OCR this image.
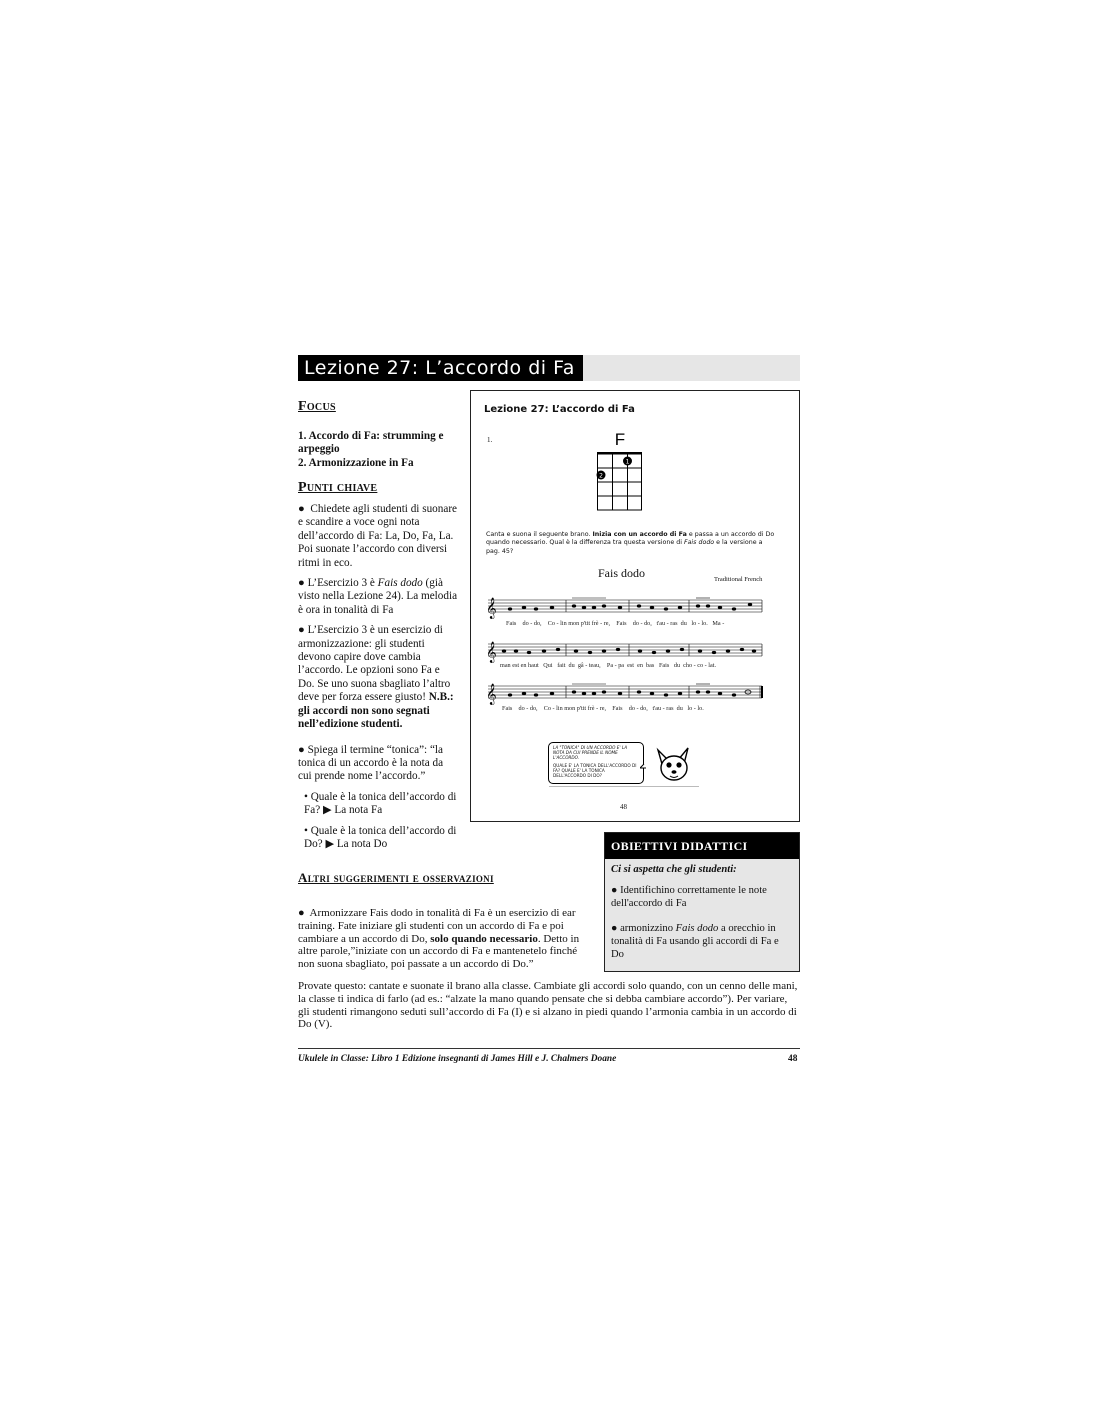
Lezione 27: L’accordo di Fa
Focus
1. Accordo di Fa: strumming e arpeggio
2. Armonizzazione in Fa
Punti chiave

●  Chiedete agli studenti di suonare e scandire a voce ogni nota dell’accordo di Fa: La, Do, Fa, La. Poi suonate l’accordo con diversi ritmi in eco.

● L’Esercizio 3 è Fais dodo (già visto nella Lezione 24). La melodia è ora in tonalità di Fa

● L’Esercizio 3 è un esercizio di armonizzazione: gli studenti devono capire dove cambia l’accordo. Le opzioni sono Fa e Do. Se uno suona sbagliato l’altro deve per forza essere giusto! N.B.: gli accordi non sono segnati nell’edizione studenti.

● Spiega il termine “tonica”: “la tonica di un accordo è la nota da cui prende nome l’accordo.”

• Quale è la tonica dell’accordo di Fa? ▶ La nota Fa

• Quale è la tonica dell’accordo di Do? ▶ La nota Do

Lezione 27: L’accordo di Fa
1.	F
1
2
Canta e suona il seguente brano. Inizia con un accordo di Fa e passa a un accordo di Do quando necessario. Qual è la differenza tra questa versione di Fais dodo e la versione a pag. 45?
Fais dodo	Traditional French
𝄞
𝄞
𝄞
Fais    do - do,    Co - lin mon p'tit frè - re,    Fais    do - do,   t'au - ras  du   lo - lo.   Ma -
man est en haut   Qui   fait  du  gâ - teau,    Pa - pa  est  en  bas   Fais   du  cho - co - lat.
Fais    do - do,    Co - lin mon p'tit frè - re,    Fais    do - do,   t'au - ras  du   lo - lo.
LA "TONICA" DI UN ACCORDO E' LA NOTA DA CUI PRENDE IL NOME L'ACCORDO.
QUALE E' LA TONICA DELL'ACCORDO DI FA? QUALE E' LA TONICA DELL'ACCORDO DI DO?
48
OBIETTIVI DIDATTICI

Ci si aspetta che gli studenti:

● Identifichino correttamente le note dell'accordo di Fa

● armonizzino Fais dodo a orecchio in tonalità di Fa usando gli accordi di Fa e Do

Altri suggerimenti e osservazioni
●  Armonizzare Fais dodo in tonalità di Fa è un esercizio di ear training. Fate iniziare gli studenti con un accordo di Fa e poi cambiare a un accordo di Do, solo quando necessario. Detto in altre parole,”iniziate con un accordo di Fa e mantenetelo finché non suona sbagliato, poi passate a un accordo di Do.”
Provate questo: cantate e suonate il brano alla classe. Cambiate gli accordi solo quando, con un cenno delle mani, la classe ti indica di farlo (ad es.: “alzate la mano quando pensate che si debba cambiare accordo”). Per variare, gli studenti rimangono seduti sull’accordo di Fa (I) e si alzano in piedi quando l’armonia cambia in un accordo di Do (V).
Ukulele in Classe: Libro 1 Edizione insegnanti di James Hill e J. Chalmers Doane	48
